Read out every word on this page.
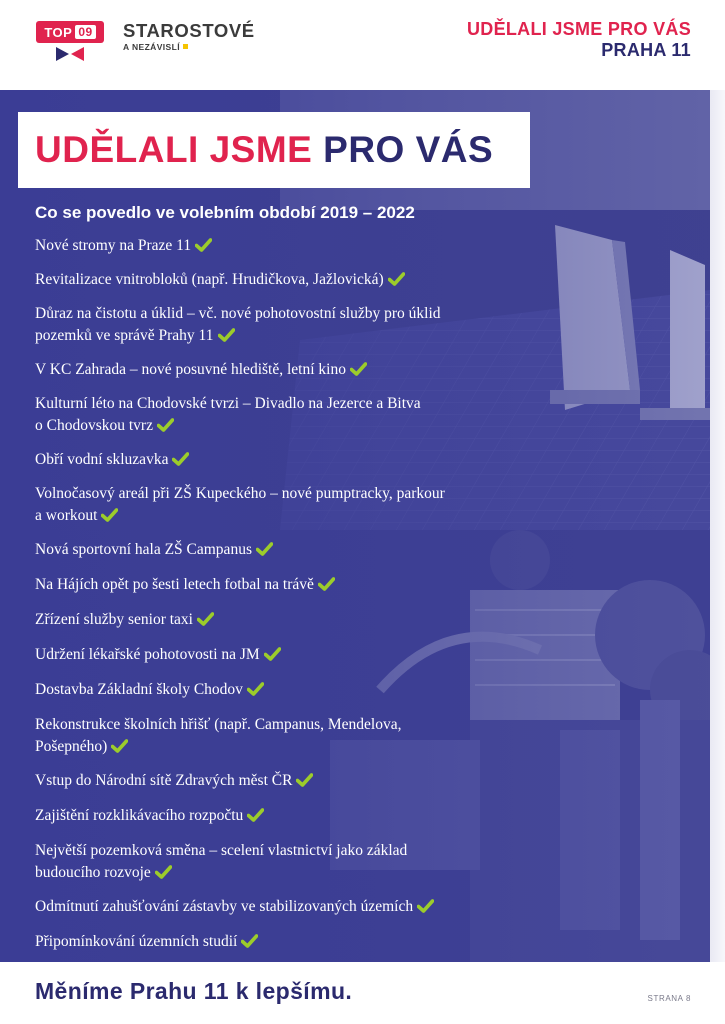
TOP 09 STAROSTOVÉ
A NEZÁVISLÍ
UDĚLALI JSME PRO VÁS
PRAHA 11
UDĚLALI JSME PRO VÁS
Co se povedlo ve volebním období 2019 – 2022
Nové stromy na Praze 11
Revitalizace vnitrobloků (např. Hrudičkova, Jažlovická)
Důraz na čistotu a úklid – vč. nové pohotovostní služby pro úklid
pozemků ve správě Prahy 11
V KC Zahrada – nové posuvné hlediště, letní kino
Kulturní léto na Chodovské tvrzi – Divadlo na Jezerce a Bitva
o Chodovskou tvrz
Obří vodní skluzavka
Volnočasový areál při ZŠ Kupeckého – nové pumptracky, parkour
a workout
Nová sportovní hala ZŠ Campanus
Na Hájích opět po šesti letech fotbal na trávě
Zřízení služby senior taxi
Udržení lékařské pohotovosti na JM
Dostavba Základní školy Chodov
Rekonstrukce školních hřišť (např. Campanus, Mendelova,
Pošepného)
Vstup do Národní sítě Zdravých měst ČR
Zajištění rozklikávacího rozpočtu
Největší pozemková směna – scelení vlastnictví jako základ
budoucího rozvoje
Odmítnutí zahušťování zástavby ve stabilizovaných územích
Připomínkování územních studií
Měníme Prahu 11 k lepšímu.	STRANA 8
